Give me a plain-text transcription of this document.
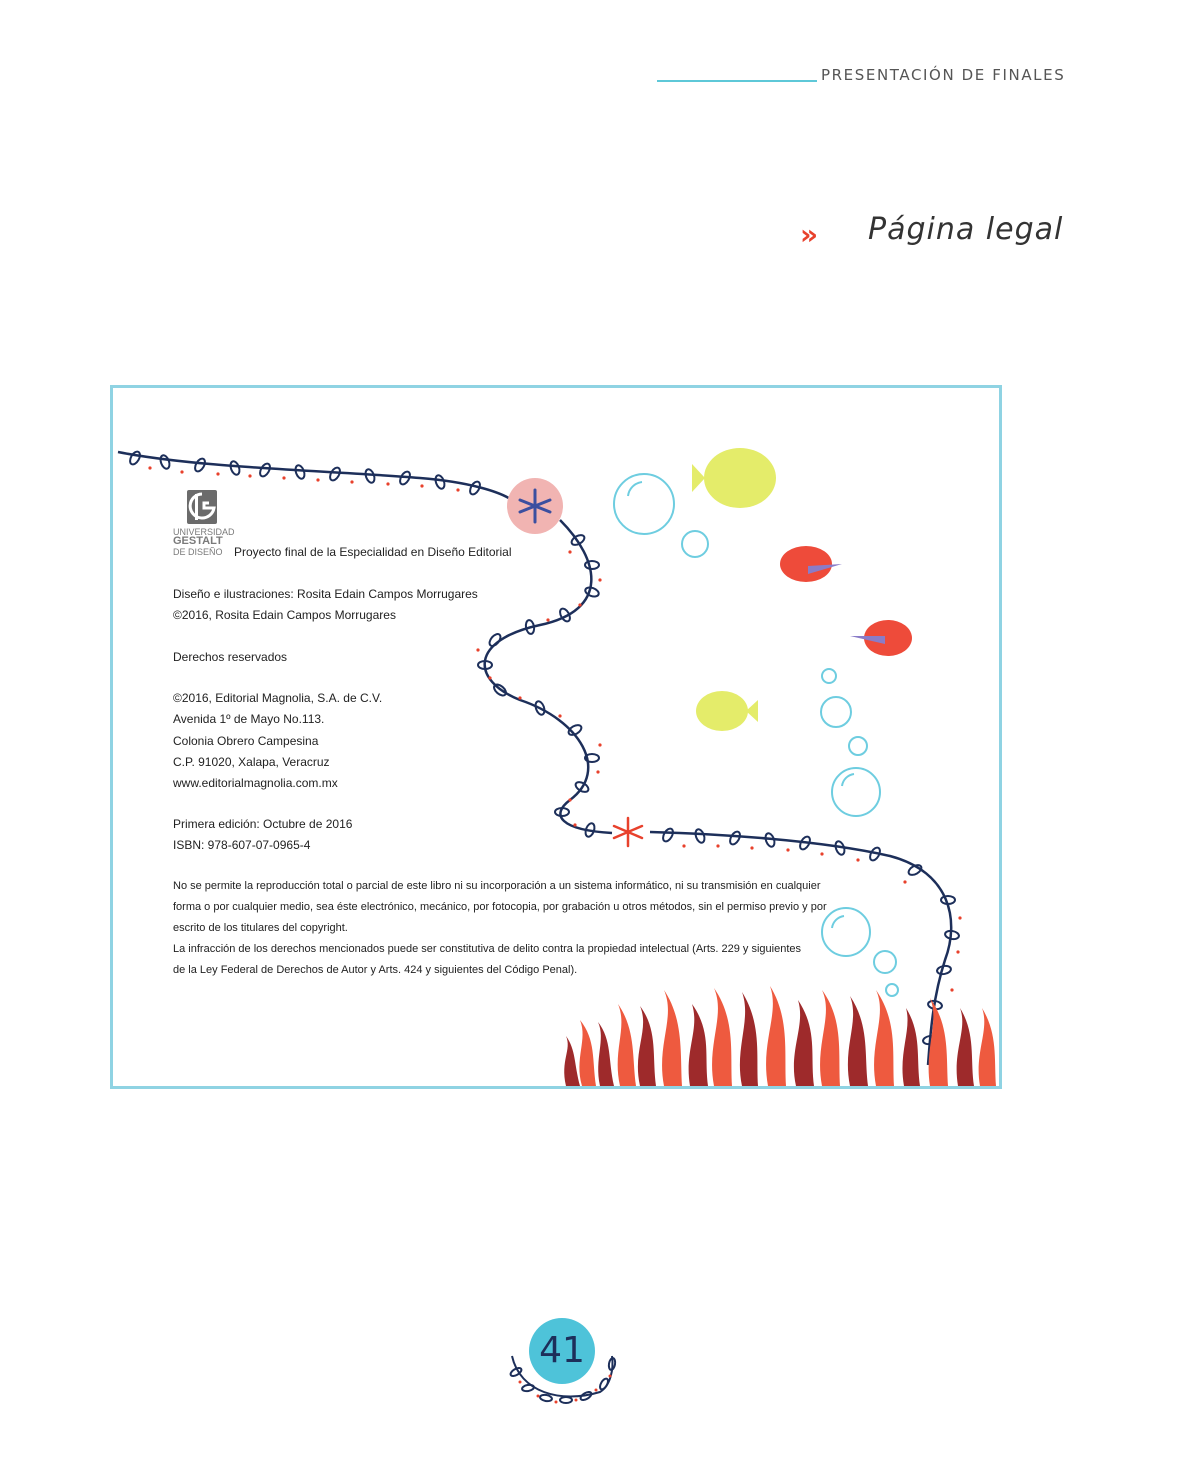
PRESENTACIÓN DE FINALES
» Página legal
UNIVERSIDAD
GESTALT
DE DISEÑO Proyecto final de la Especialidad en Diseño Editorial
Diseño e ilustraciones: Rosita Edain Campos Morrugares
©2016, Rosita Edain Campos Morrugares
Derechos reservados
©2016, Editorial Magnolia, S.A. de C.V.
Avenida 1º de Mayo No.113.
Colonia Obrero Campesina
C.P. 91020, Xalapa, Veracruz
www.editorialmagnolia.com.mx
Primera edición: Octubre de 2016
ISBN: 978-607-07-0965-4
No se permite la reproducción total o parcial de este libro ni su incorporación a un sistema informático, ni su transmisión en cualquier
forma o por cualquier medio, sea éste electrónico, mecánico, por fotocopia, por grabación u otros métodos, sin el permiso previo y por
escrito de los titulares del copyright.
La infracción de los derechos mencionados puede ser constitutiva de delito contra la propiedad intelectual (Arts. 229 y siguientes
de la Ley Federal de Derechos de Autor y Arts. 424 y siguientes del Código Penal).
41
